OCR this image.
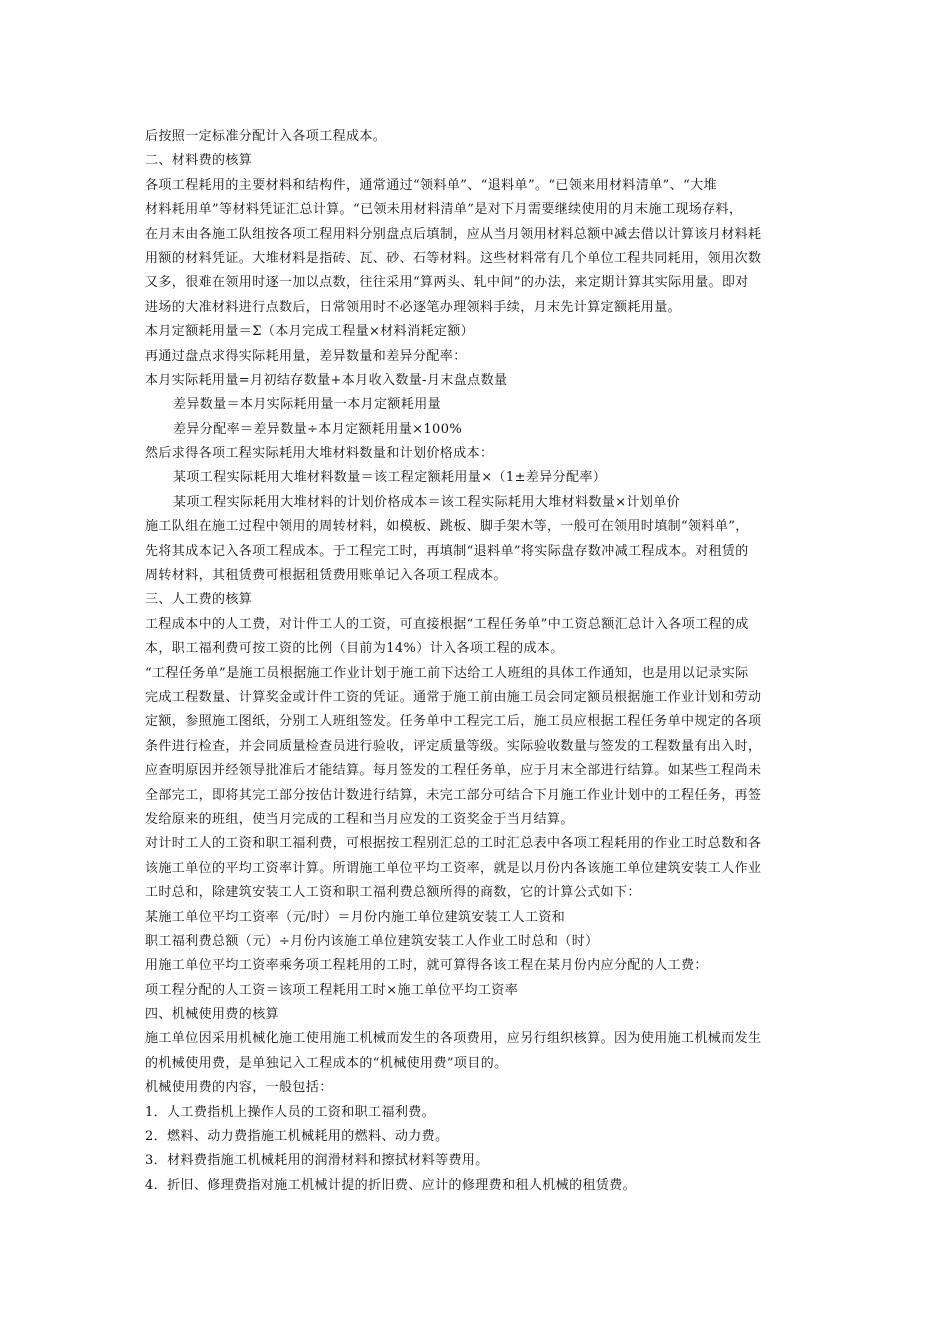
后按照一定标准分配计入各项工程成本。
二、材料费的核算
各项工程耗用的主要材料和结构件，通常通过“领料单”、“退料单”。“已领来用材料清单”、“大堆
材料耗用单”等材料凭证汇总计算。“已领未用材料清单”是对下月需要继续使用的月末施工现场存料，
在月末由各施工队组按各项工程用料分别盘点后填制，应从当月领用材料总额中减去借以计算该月材料耗
用额的材料凭证。大堆材料是指砖、瓦、砂、石等材料。这些材料常有几个单位工程共同耗用，领用次数
又多，很难在领用时逐一加以点数，往往采用“算两头、轧中间”的办法，来定期计算其实际用量。即对
进场的大准材料进行点数后，日常领用时不必逐笔办理领料手续，月末先计算定额耗用量。
本月定额耗用量＝Σ（本月完成工程量×材料消耗定额）
再通过盘点求得实际耗用量，差异数量和差异分配率：
本月实际耗用量=月初结存数量+本月收入数量-月末盘点数量
差异数量＝本月实际耗用量一本月定额耗用量
差异分配率＝差异数量÷本月定额耗用量×100%
然后求得各项工程实际耗用大堆材料数量和计划价格成本：
某项工程实际耗用大堆材料数量＝该工程定额耗用量×（1±差异分配率）
某项工程实际耗用大堆材料的计划价格成本＝该工程实际耗用大堆材料数量×计划单价
施工队组在施工过程中领用的周转材料，如模板、跳板、脚手架木等，一般可在领用时填制“领料单”，
先将其成本记入各项工程成本。于工程完工时，再填制“退料单”将实际盘存数冲减工程成本。对租赁的
周转材料，其租赁费可根据租赁费用账单记入各项工程成本。
三、人工费的核算
工程成本中的人工费，对计件工人的工资，可直接根据“工程任务单”中工资总额汇总计入各项工程的成
本，职工福利费可按工资的比例（目前为14%）计入各项工程的成本。
“工程任务单”是施工员根据施工作业计划于施工前下达给工人班组的具体工作通知，也是用以记录实际
完成工程数量、计算奖金或计件工资的凭证。通常于施工前由施工员会同定额员根据施工作业计划和劳动
定额，参照施工图纸，分别工人班组签发。任务单中工程完工后，施工员应根据工程任务单中规定的各项
条件进行检查，并会同质量检查员进行验收，评定质量等级。实际验收数量与签发的工程数量有出入时，
应查明原因并经领导批准后才能结算。每月签发的工程任务单，应于月末全部进行结算。如某些工程尚未
全部完工，即将其完工部分按估计数进行结算，未完工部分可结合下月施工作业计划中的工程任务，再签
发给原来的班组，使当月完成的工程和当月应发的工资奖金于当月结算。
对计时工人的工资和职工福利费，可根据按工程别汇总的工时汇总表中各项工程耗用的作业工时总数和各
该施工单位的平均工资率计算。所谓施工单位平均工资率，就是以月份内各该施工单位建筑安装工人作业
工时总和，除建筑安装工人工资和职工福利费总额所得的商数，它的计算公式如下：
某施工单位平均工资率（元/时）＝月份内施工单位建筑安装工人工资和
职工福利费总额（元）÷月份内该施工单位建筑安装工人作业工时总和（时）
用施工单位平均工资率乘务项工程耗用的工时，就可算得各该工程在某月份内应分配的人工费：
项工程分配的人工资＝该项工程耗用工时×施工单位平均工资率
四、机械使用费的核算
施工单位因采用机械化施工使用施工机械而发生的各项费用，应另行组织核算。因为使用施工机械而发生
的机械使用费，是单独记入工程成本的“机械使用费”项目的。
机械使用费的内容，一般包括：
1．人工费指机上操作人员的工资和职工福利费。
2．燃料、动力费指施工机械耗用的燃料、动力费。
3．材料费指施工机械耗用的润滑材料和擦拭材料等费用。
4．折旧、修理费指对施工机械计提的折旧费、应计的修理费和租人机械的租赁费。
